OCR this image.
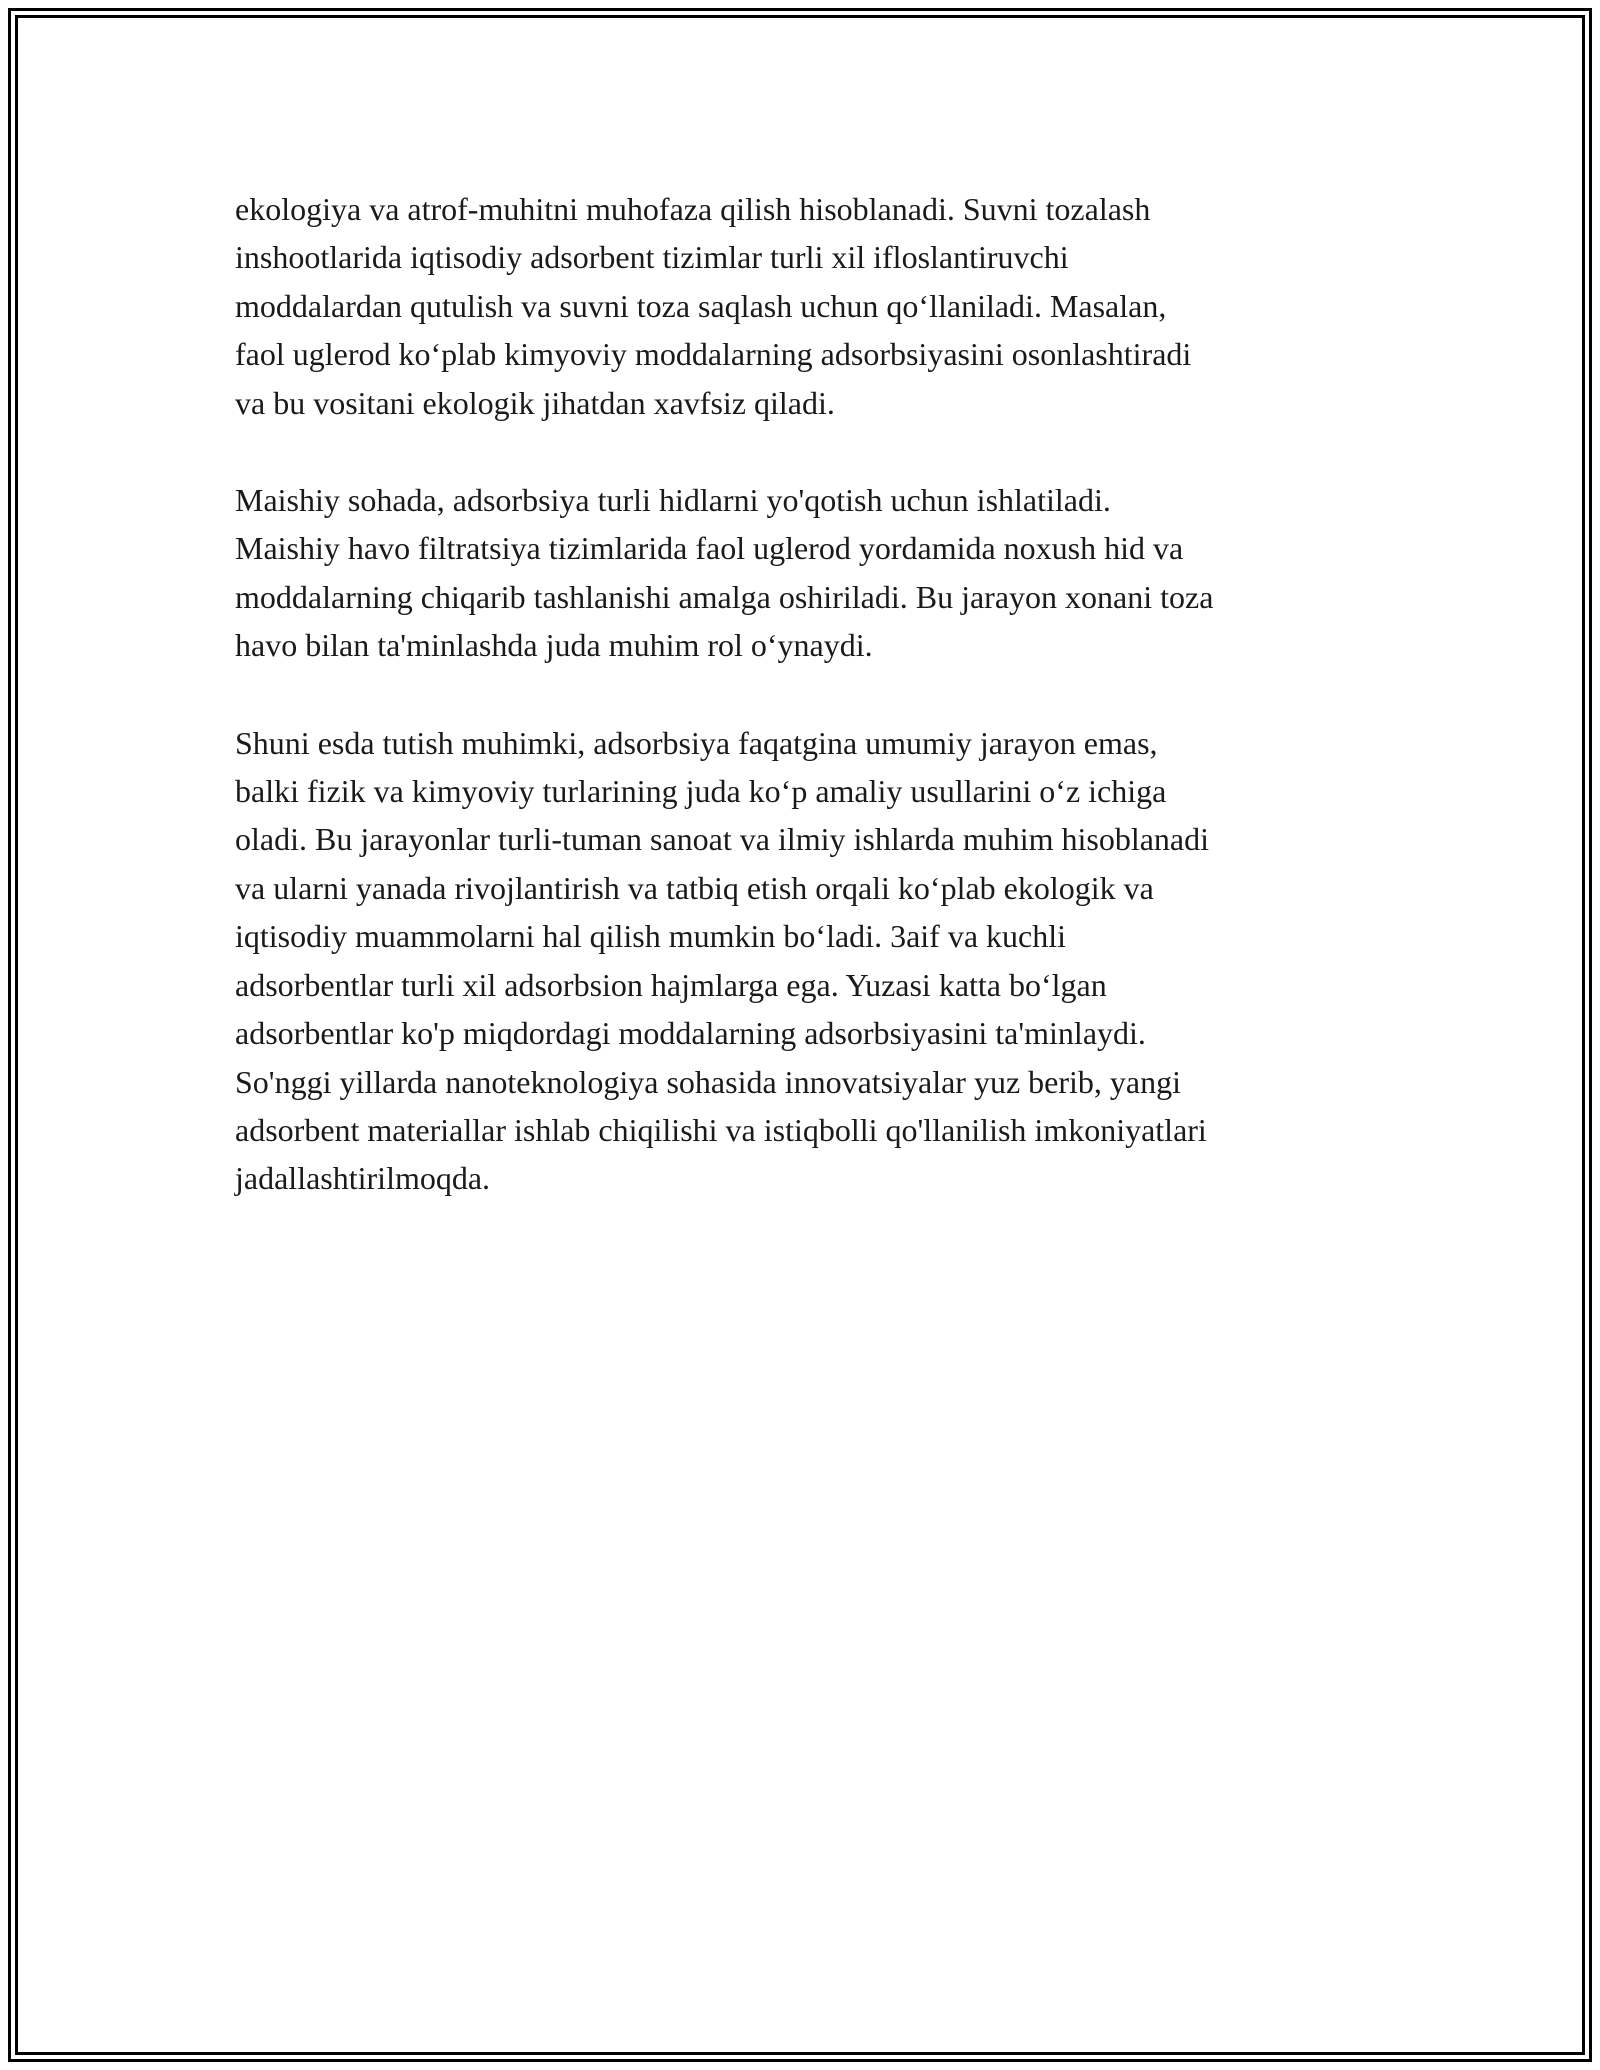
ekologiya va atrof-muhitni muhofaza qilish hisoblanadi. Suvni tozalash
inshootlarida iqtisodiy adsorbent tizimlar turli xil ifloslantiruvchi
moddalardan qutulish va suvni toza saqlash uchun qo‘llaniladi. Masalan,
faol uglerod ko‘plab kimyoviy moddalarning adsorbsiyasini osonlashtiradi
va bu vositani ekologik jihatdan xavfsiz qiladi.

Maishiy sohada, adsorbsiya turli hidlarni yo'qotish uchun ishlatiladi.
Maishiy havo filtratsiya tizimlarida faol uglerod yordamida noxush hid va
moddalarning chiqarib tashlanishi amalga oshiriladi. Bu jarayon xonani toza
havo bilan ta'minlashda juda muhim rol o‘ynaydi.

Shuni esda tutish muhimki, adsorbsiya faqatgina umumiy jarayon emas,
balki fizik va kimyoviy turlarining juda ko‘p amaliy usullarini o‘z ichiga
oladi. Bu jarayonlar turli-tuman sanoat va ilmiy ishlarda muhim hisoblanadi
va ularni yanada rivojlantirish va tatbiq etish orqali ko‘plab ekologik va
iqtisodiy muammolarni hal qilish mumkin bo‘ladi. 3aif va kuchli
adsorbentlar turli xil adsorbsion hajmlarga ega. Yuzasi katta bo‘lgan
adsorbentlar ko'p miqdordagi moddalarning adsorbsiyasini ta'minlaydi.
So'nggi yillarda nanoteknologiya sohasida innovatsiyalar yuz berib, yangi
adsorbent materiallar ishlab chiqilishi va istiqbolli qo'llanilish imkoniyatlari
jadallashtirilmoqda.
